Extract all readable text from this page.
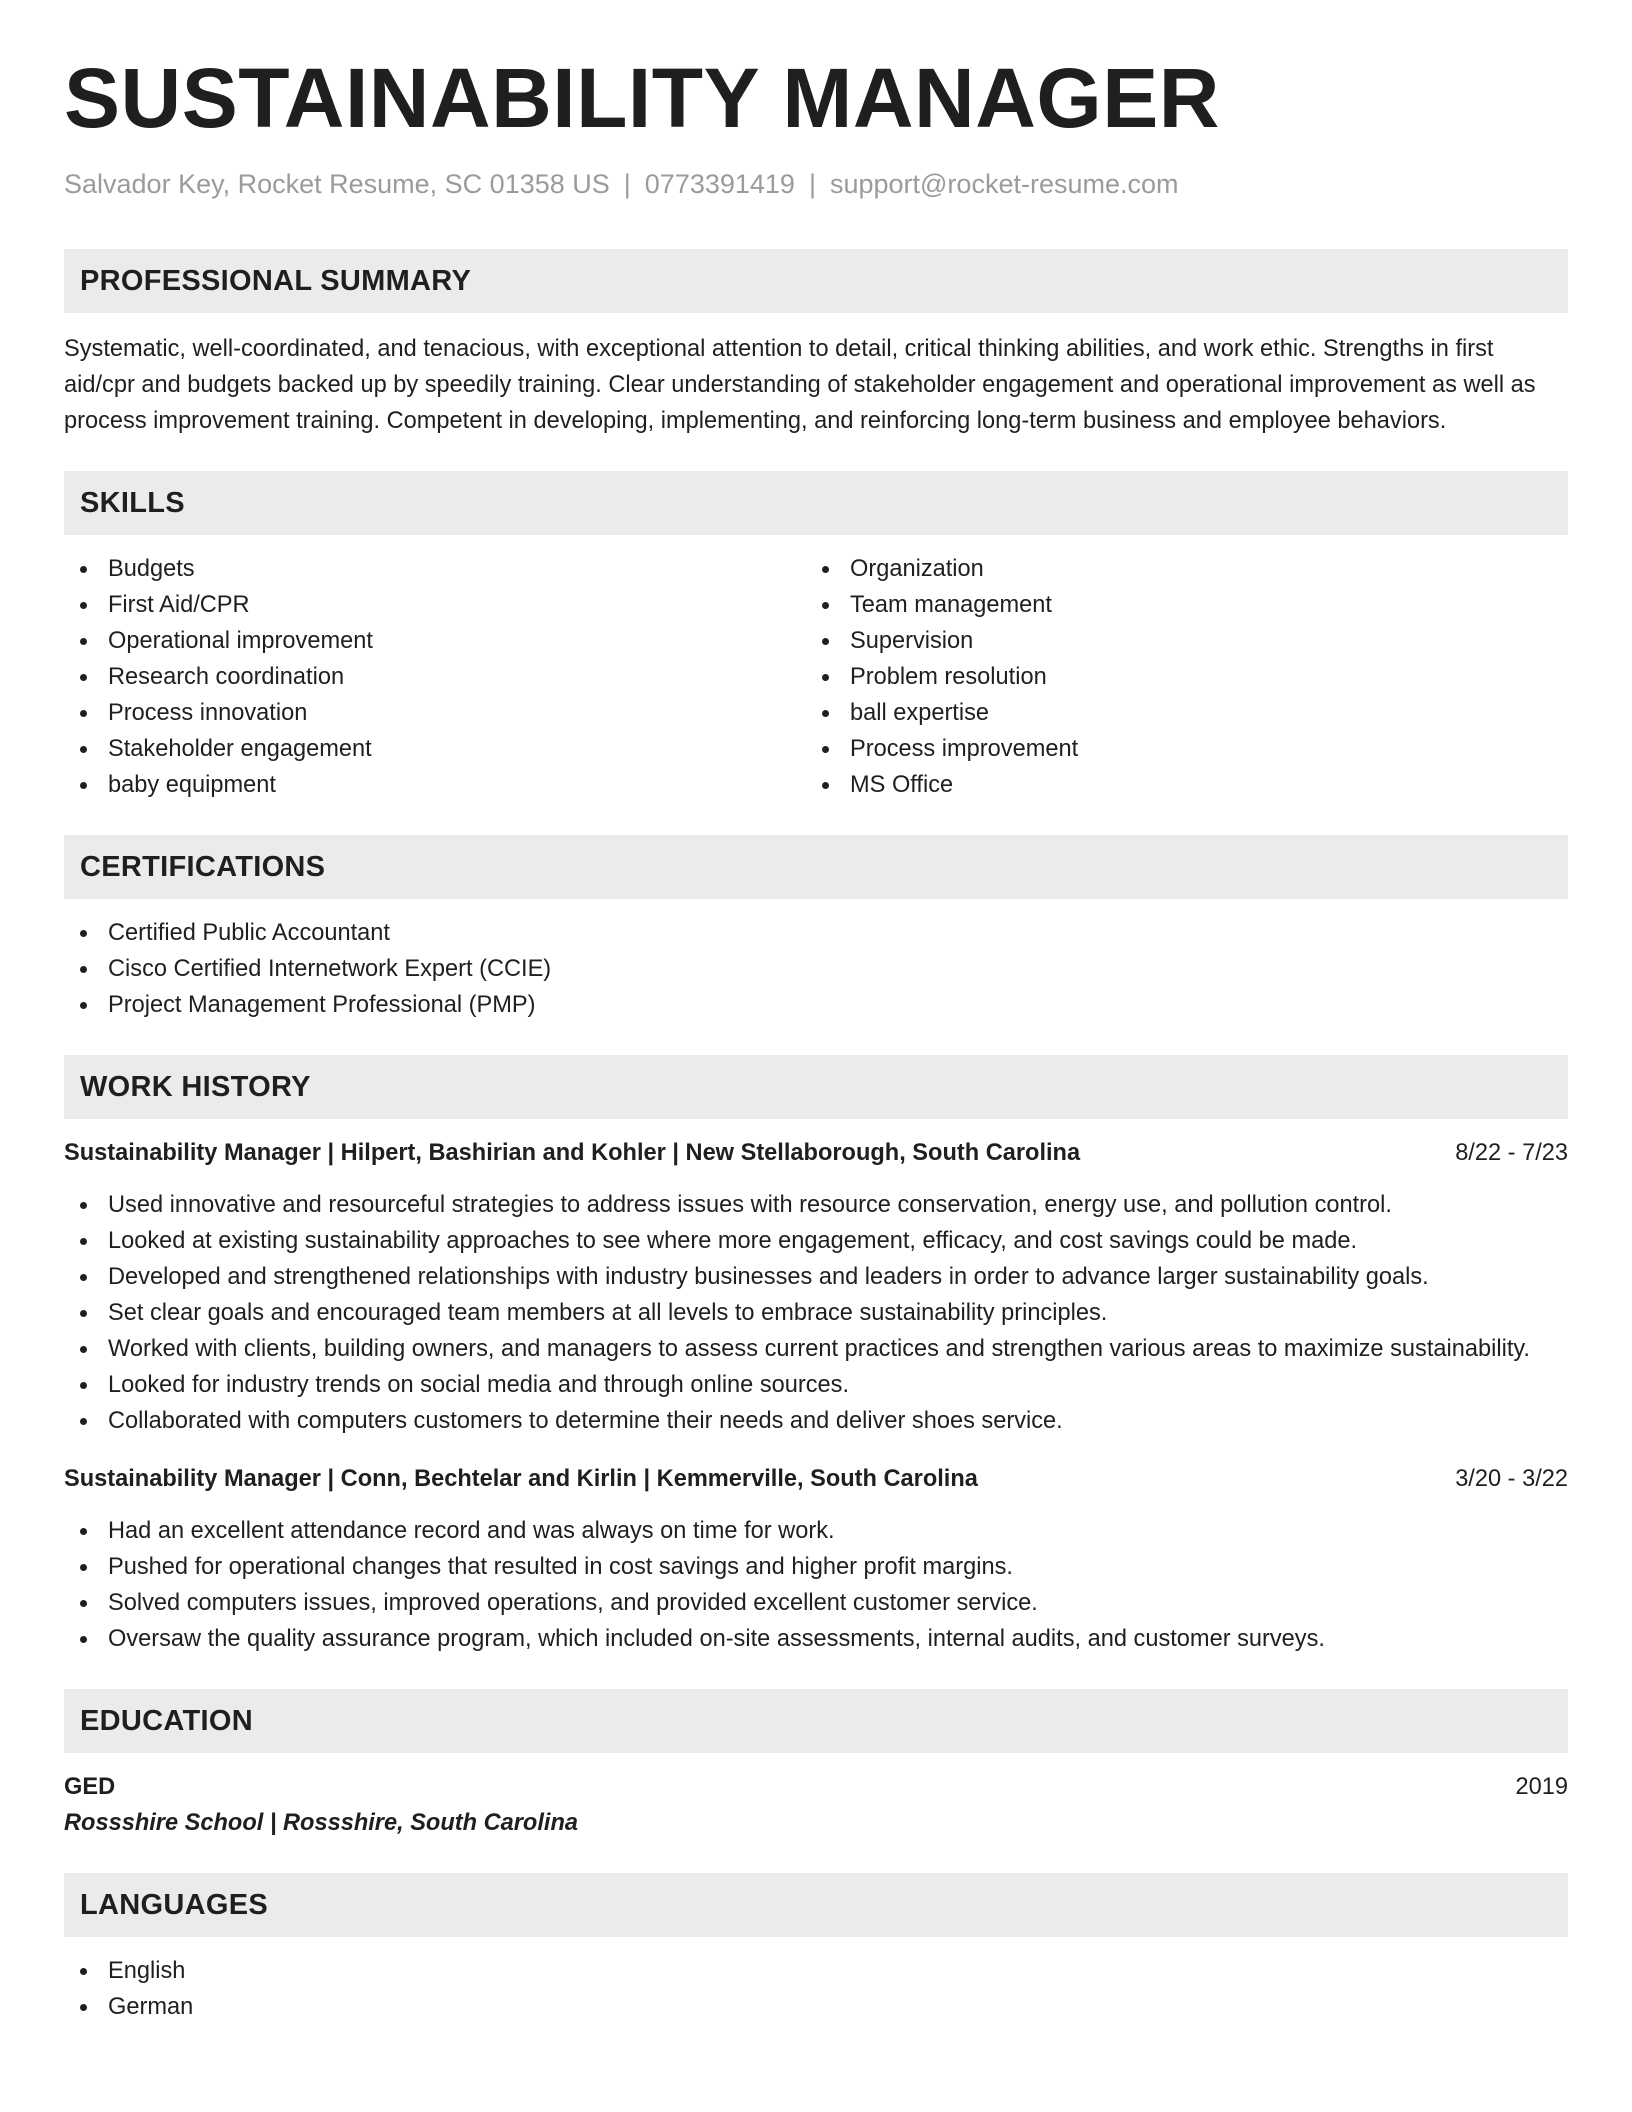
SUSTAINABILITY MANAGER
Salvador Key, Rocket Resume, SC 01358 US | 0773391419 | support@rocket-resume.com
PROFESSIONAL SUMMARY
Systematic, well-coordinated, and tenacious, with exceptional attention to detail, critical thinking abilities, and work ethic. Strengths in first aid/cpr and budgets backed up by speedily training. Clear understanding of stakeholder engagement and operational improvement as well as process improvement training. Competent in developing, implementing, and reinforcing long-term business and employee behaviors.
SKILLS
Budgets
First Aid/CPR
Operational improvement
Research coordination
Process innovation
Stakeholder engagement
baby equipment
Organization
Team management
Supervision
Problem resolution
ball expertise
Process improvement
MS Office
CERTIFICATIONS
Certified Public Accountant
Cisco Certified Internetwork Expert (CCIE)
Project Management Professional (PMP)
WORK HISTORY
Sustainability Manager | Hilpert, Bashirian and Kohler | New Stellaborough, South Carolina	8/22 - 7/23
Used innovative and resourceful strategies to address issues with resource conservation, energy use, and pollution control.
Looked at existing sustainability approaches to see where more engagement, efficacy, and cost savings could be made.
Developed and strengthened relationships with industry businesses and leaders in order to advance larger sustainability goals.
Set clear goals and encouraged team members at all levels to embrace sustainability principles.
Worked with clients, building owners, and managers to assess current practices and strengthen various areas to maximize sustainability.
Looked for industry trends on social media and through online sources.
Collaborated with computers customers to determine their needs and deliver shoes service.
Sustainability Manager | Conn, Bechtelar and Kirlin | Kemmerville, South Carolina	3/20 - 3/22
Had an excellent attendance record and was always on time for work.
Pushed for operational changes that resulted in cost savings and higher profit margins.
Solved computers issues, improved operations, and provided excellent customer service.
Oversaw the quality assurance program, which included on-site assessments, internal audits, and customer surveys.
EDUCATION
GED	2019
Rossshire School | Rossshire, South Carolina
LANGUAGES
English
German
